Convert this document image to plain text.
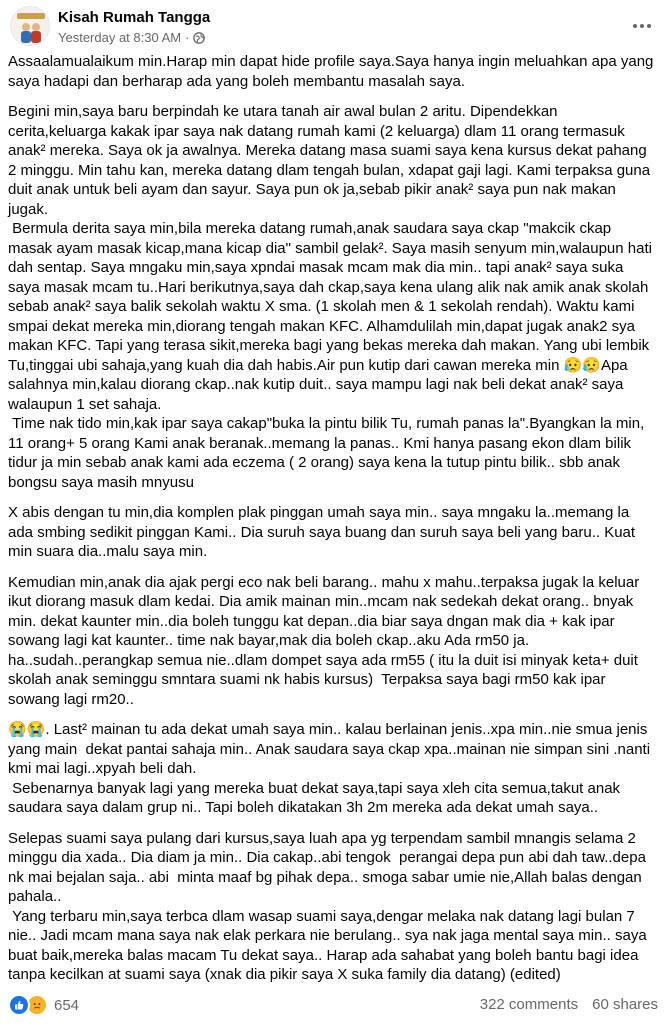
Kisah Rumah Tangga
Yesterday at 8:30 AM ·

Assaalamualaikum min.Harap min dapat hide profile saya.Saya hanya ingin meluahkan apa yang saya hadapi dan berharap ada yang boleh membantu masalah saya.

Begini min,saya baru berpindah ke utara tanah air awal bulan 2 aritu. Dipendekkan cerita,keluarga kakak ipar saya nak datang rumah kami (2 keluarga) dlam 11 orang termasuk anak² mereka. Saya ok ja awalnya. Mereka datang masa suami saya kena kursus dekat pahang 2 minggu. Min tahu kan, mereka datang dlam tengah bulan, xdapat gaji lagi. Kami terpaksa guna duit anak untuk beli ayam dan sayur. Saya pun ok ja,sebab pikir anak² saya pun nak makan jugak.
Bermula derita saya min,bila mereka datang rumah,anak saudara saya ckap "makcik ckap masak ayam masak kicap,mana kicap dia" sambil gelak². Saya masih senyum min,walaupun hati dah sentap. Saya mngaku min,saya xpndai masak mcam mak dia min.. tapi anak² saya suka saya masak mcam tu..Hari berikutnya,saya dah ckap,saya kena ulang alik nak amik anak skolah sebab anak² saya balik sekolah waktu X sma. (1 skolah men & 1 sekolah rendah). Waktu kami smpai dekat mereka min,diorang tengah makan KFC. Alhamdulilah min,dapat jugak anak2 sya makan KFC. Tapi yang terasa sikit,mereka bagi yang bekas mereka dah makan. Yang ubi lembik Tu,tinggai ubi sahaja,yang kuah dia dah habis.Air pun kutip dari cawan mereka min 😥😥Apa salahnya min,kalau diorang ckap..nak kutip duit.. saya mampu lagi nak beli dekat anak² saya walaupun 1 set sahaja.
Time nak tido min,kak ipar saya cakap"buka la pintu bilik Tu, rumah panas la".Byangkan la min, 11 orang+ 5 orang Kami anak beranak..memang la panas.. Kmi hanya pasang ekon dlam bilik tidur ja min sebab anak kami ada eczema ( 2 orang) saya kena la tutup pintu bilik.. sbb anak bongsu saya masih mnyusu

X abis dengan tu min,dia komplen plak pinggan umah saya min.. saya mngaku la..memang la ada smbing sedikit pinggan Kami.. Dia suruh saya buang dan suruh saya beli yang baru.. Kuat min suara dia..malu saya min.

Kemudian min,anak dia ajak pergi eco nak beli barang.. mahu x mahu..terpaksa jugak la keluar ikut diorang masuk dlam kedai. Dia amik mainan min..mcam nak sedekah dekat orang.. bnyak min. dekat kaunter min..dia boleh tunggu kat depan..dia biar saya dngan mak dia + kak ipar sowang lagi kat kaunter.. time nak bayar,mak dia boleh ckap..aku Ada rm50 ja. ha..sudah..perangkap semua nie..dlam dompet saya ada rm55 ( itu la duit isi minyak keta+ duit skolah anak seminggu smntara suami nk habis kursus)  Terpaksa saya bagi rm50 kak ipar sowang lagi rm20..

😭😭. Last² mainan tu ada dekat umah saya min.. kalau berlainan jenis..xpa min..nie smua jenis yang main  dekat pantai sahaja min.. Anak saudara saya ckap xpa..mainan nie simpan sini .nanti kmi mai lagi..xpyah beli dah.
Sebenarnya banyak lagi yang mereka buat dekat saya,tapi saya xleh cita semua,takut anak saudara saya dalam grup ni.. Tapi boleh dikatakan 3h 2m mereka ada dekat umah saya..

Selepas suami saya pulang dari kursus,saya luah apa yg terpendam sambil mnangis selama 2 minggu dia xada.. Dia diam ja min.. Dia cakap..abi tengok  perangai depa pun abi dah taw..depa nk mai bejalan saja.. abi  minta maaf bg pihak depa.. smoga sabar umie nie,Allah balas dengan pahala..
Yang terbaru min,saya terbca dlam wasap suami saya,dengar melaka nak datang lagi bulan 7 nie.. Jadi mcam mana saya nak elak perkara nie berulang.. sya nak jaga mental saya min.. saya buat baik,mereka balas macam Tu dekat saya.. Harap ada sahabat yang boleh bantu bagi idea tanpa kecilkan at suami saya (xnak dia pikir saya X suka family dia datang) (edited)

654	322 comments 60 shares
